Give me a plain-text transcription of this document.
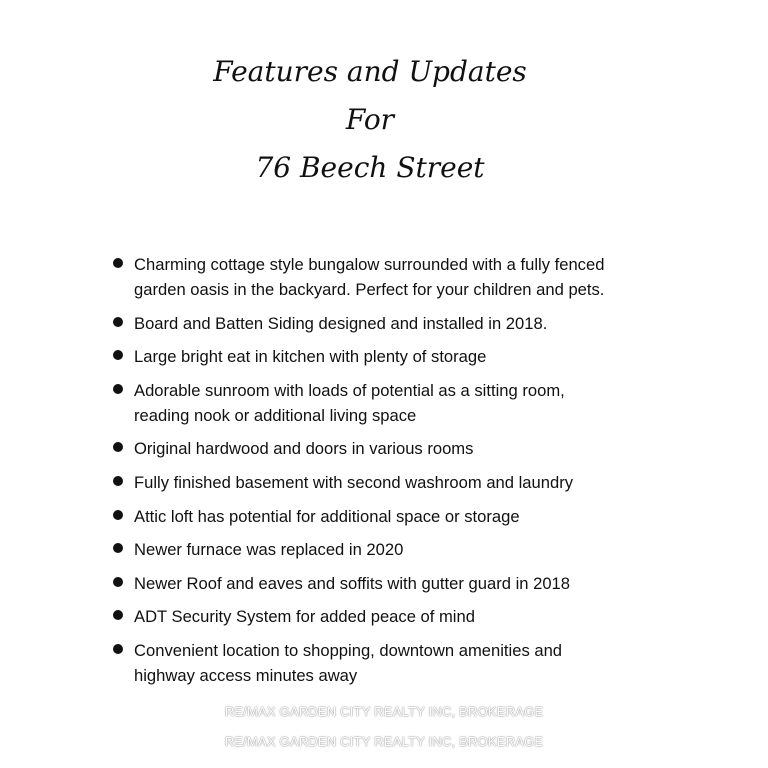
Features and Updates
For
76 Beech Street
Charming cottage style bungalow surrounded with a fully fenced
garden oasis in the backyard. Perfect for your children and pets.
Board and Batten Siding designed and installed in 2018.
Large bright eat in kitchen with plenty of storage
Adorable sunroom with loads of potential as a sitting room,
reading nook or additional living space
Original hardwood and doors in various rooms
Fully finished basement with second washroom and laundry
Attic loft has potential for additional space or storage
Newer furnace was replaced in 2020
Newer Roof and eaves and soffits with gutter guard in 2018
ADT Security System for added peace of mind
Convenient location to shopping, downtown amenities and
highway access minutes away
RE/MAX GARDEN CITY REALTY INC, BROKERAGE
RE/MAX GARDEN CITY REALTY INC, BROKERAGE
